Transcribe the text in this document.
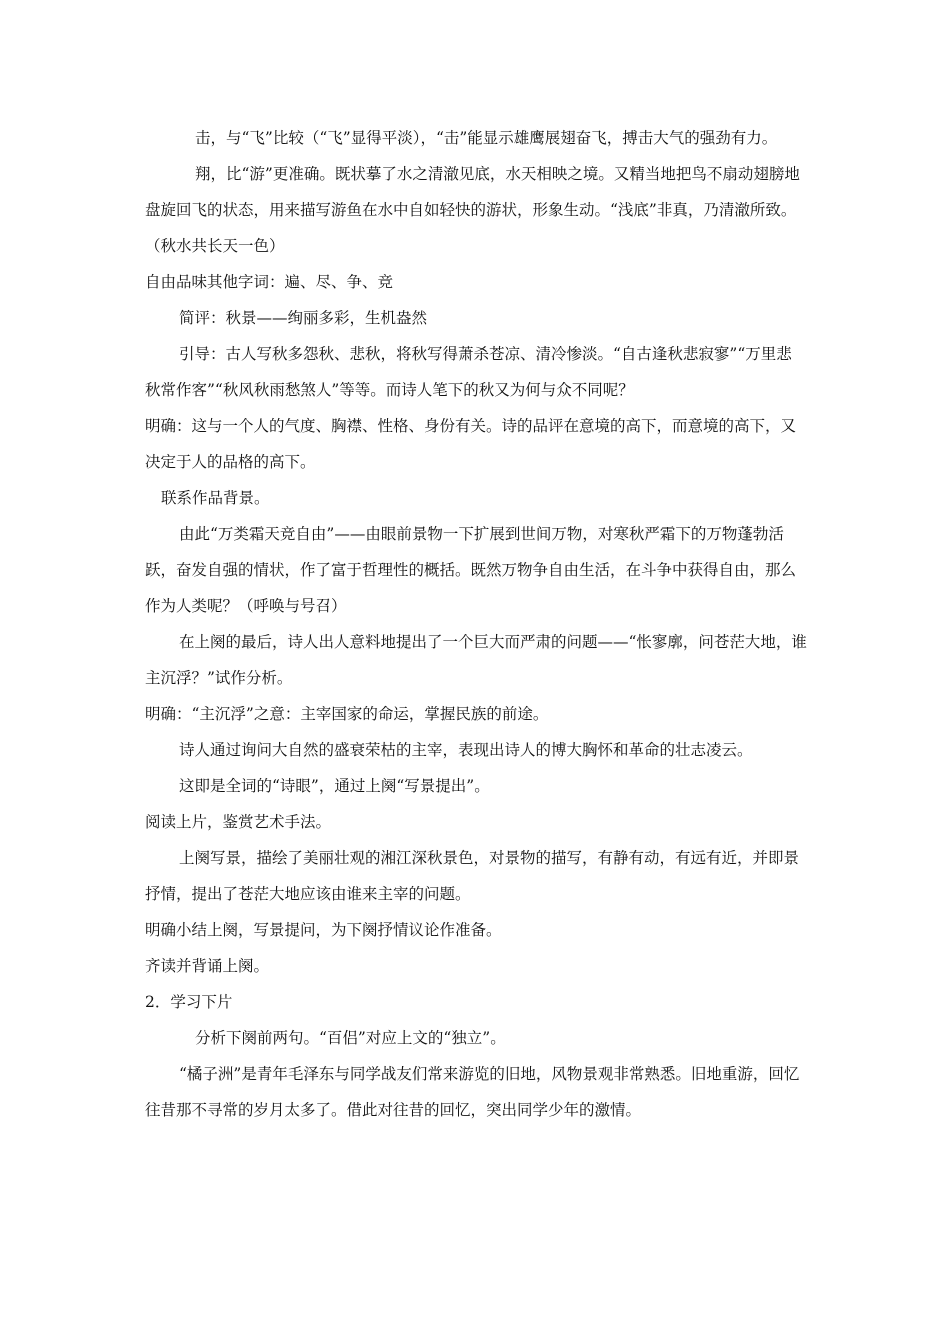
击，与“飞”比较（“飞”显得平淡），“击”能显示雄鹰展翅奋飞，搏击大气的强劲有力。

翔，比“游”更准确。既状摹了水之清澈见底，水天相映之境。又精当地把鸟不扇动翅膀地盘旋回飞的状态，用来描写游鱼在水中自如轻快的游状，形象生动。“浅底”非真，乃清澈所致。（秋水共长天一色）

自由品味其他字词：遍、尽、争、竞

简评：秋景——绚丽多彩，生机盎然

引导：古人写秋多怨秋、悲秋，将秋写得萧杀苍凉、清冷惨淡。“自古逢秋悲寂寥”“万里悲秋常作客”“秋风秋雨愁煞人”等等。而诗人笔下的秋又为何与众不同呢？

明确：这与一个人的气度、胸襟、性格、身份有关。诗的品评在意境的高下，而意境的高下，又决定于人的品格的高下。

联系作品背景。

由此“万类霜天竞自由”——由眼前景物一下扩展到世间万物，对寒秋严霜下的万物蓬勃活跃，奋发自强的情状，作了富于哲理性的概括。既然万物争自由生活，在斗争中获得自由，那么作为人类呢？（呼唤与号召）

在上阕的最后，诗人出人意料地提出了一个巨大而严肃的问题——“怅寥廓，问苍茫大地，谁主沉浮？”试作分析。

明确：“主沉浮”之意：主宰国家的命运，掌握民族的前途。

诗人通过询问大自然的盛衰荣枯的主宰，表现出诗人的博大胸怀和革命的壮志凌云。

这即是全词的“诗眼”，通过上阕“写景提出”。

阅读上片，鉴赏艺术手法。

上阕写景，描绘了美丽壮观的湘江深秋景色，对景物的描写，有静有动，有远有近，并即景抒情，提出了苍茫大地应该由谁来主宰的问题。

明确小结上阕，写景提问，为下阕抒情议论作准备。

齐读并背诵上阕。

2．学习下片

分析下阕前两句。“百侣”对应上文的“独立”。

“橘子洲”是青年毛泽东与同学战友们常来游览的旧地，风物景观非常熟悉。旧地重游，回忆往昔那不寻常的岁月太多了。借此对往昔的回忆，突出同学少年的激情。
